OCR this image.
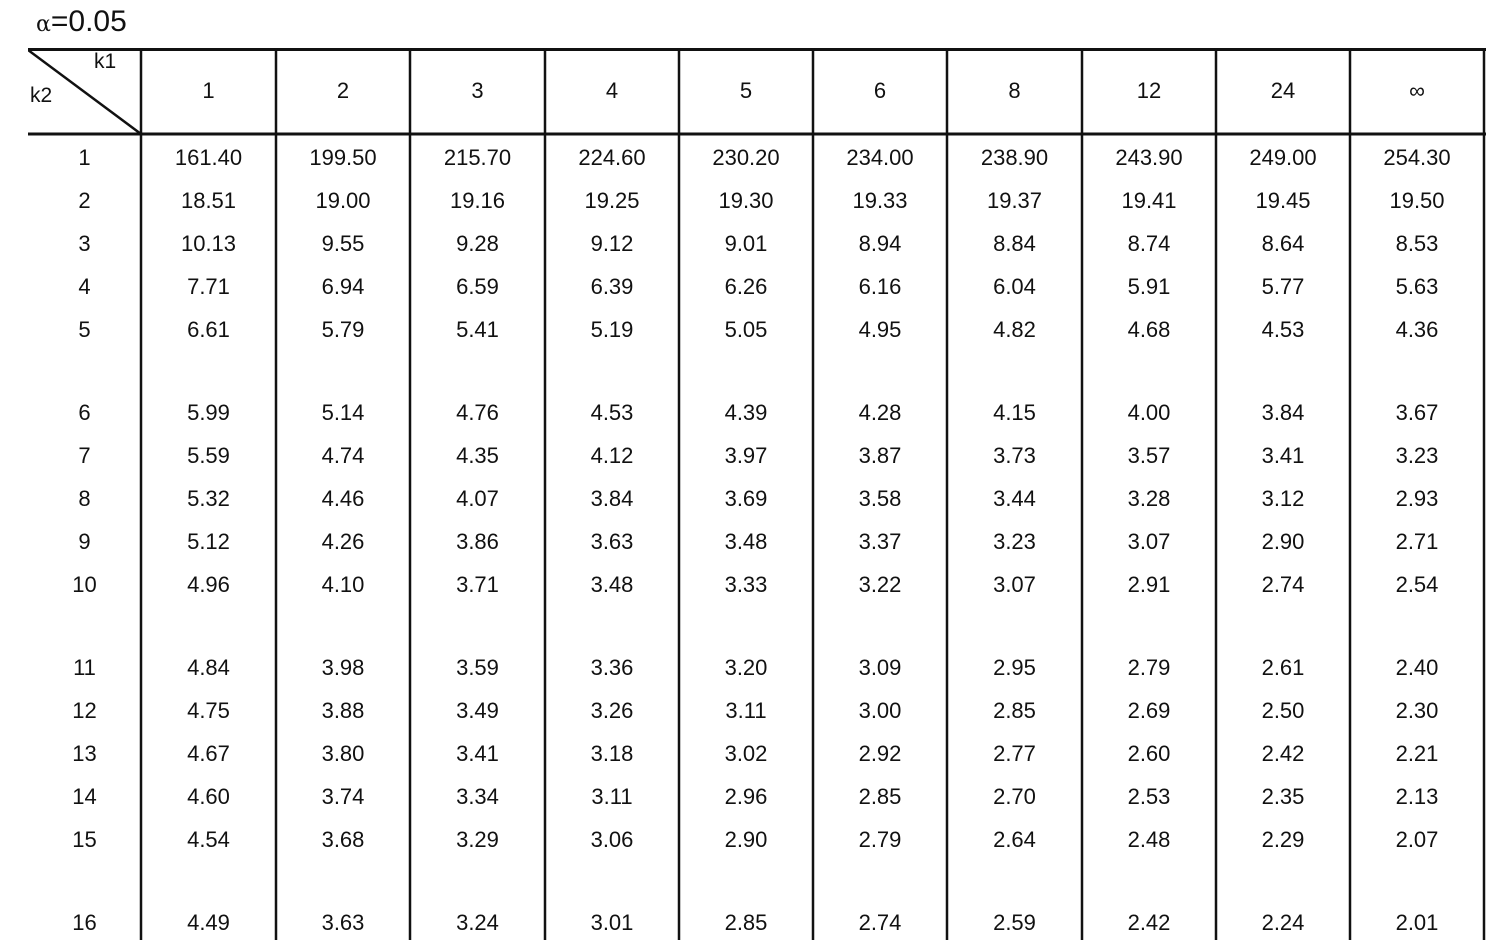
α=0.05
k1
k2	1	2	3	4	5	6	8	12	24	∞
1	161.40	199.50	215.70	224.60	230.20	234.00	238.90	243.90	249.00	254.30
2	18.51	19.00	19.16	19.25	19.30	19.33	19.37	19.41	19.45	19.50
3	10.13	9.55	9.28	9.12	9.01	8.94	8.84	8.74	8.64	8.53
4	7.71	6.94	6.59	6.39	6.26	6.16	6.04	5.91	5.77	5.63
5	6.61	5.79	5.41	5.19	5.05	4.95	4.82	4.68	4.53	4.36
6	5.99	5.14	4.76	4.53	4.39	4.28	4.15	4.00	3.84	3.67
7	5.59	4.74	4.35	4.12	3.97	3.87	3.73	3.57	3.41	3.23
8	5.32	4.46	4.07	3.84	3.69	3.58	3.44	3.28	3.12	2.93
9	5.12	4.26	3.86	3.63	3.48	3.37	3.23	3.07	2.90	2.71
10	4.96	4.10	3.71	3.48	3.33	3.22	3.07	2.91	2.74	2.54
11	4.84	3.98	3.59	3.36	3.20	3.09	2.95	2.79	2.61	2.40
12	4.75	3.88	3.49	3.26	3.11	3.00	2.85	2.69	2.50	2.30
13	4.67	3.80	3.41	3.18	3.02	2.92	2.77	2.60	2.42	2.21
14	4.60	3.74	3.34	3.11	2.96	2.85	2.70	2.53	2.35	2.13
15	4.54	3.68	3.29	3.06	2.90	2.79	2.64	2.48	2.29	2.07
16	4.49	3.63	3.24	3.01	2.85	2.74	2.59	2.42	2.24	2.01
